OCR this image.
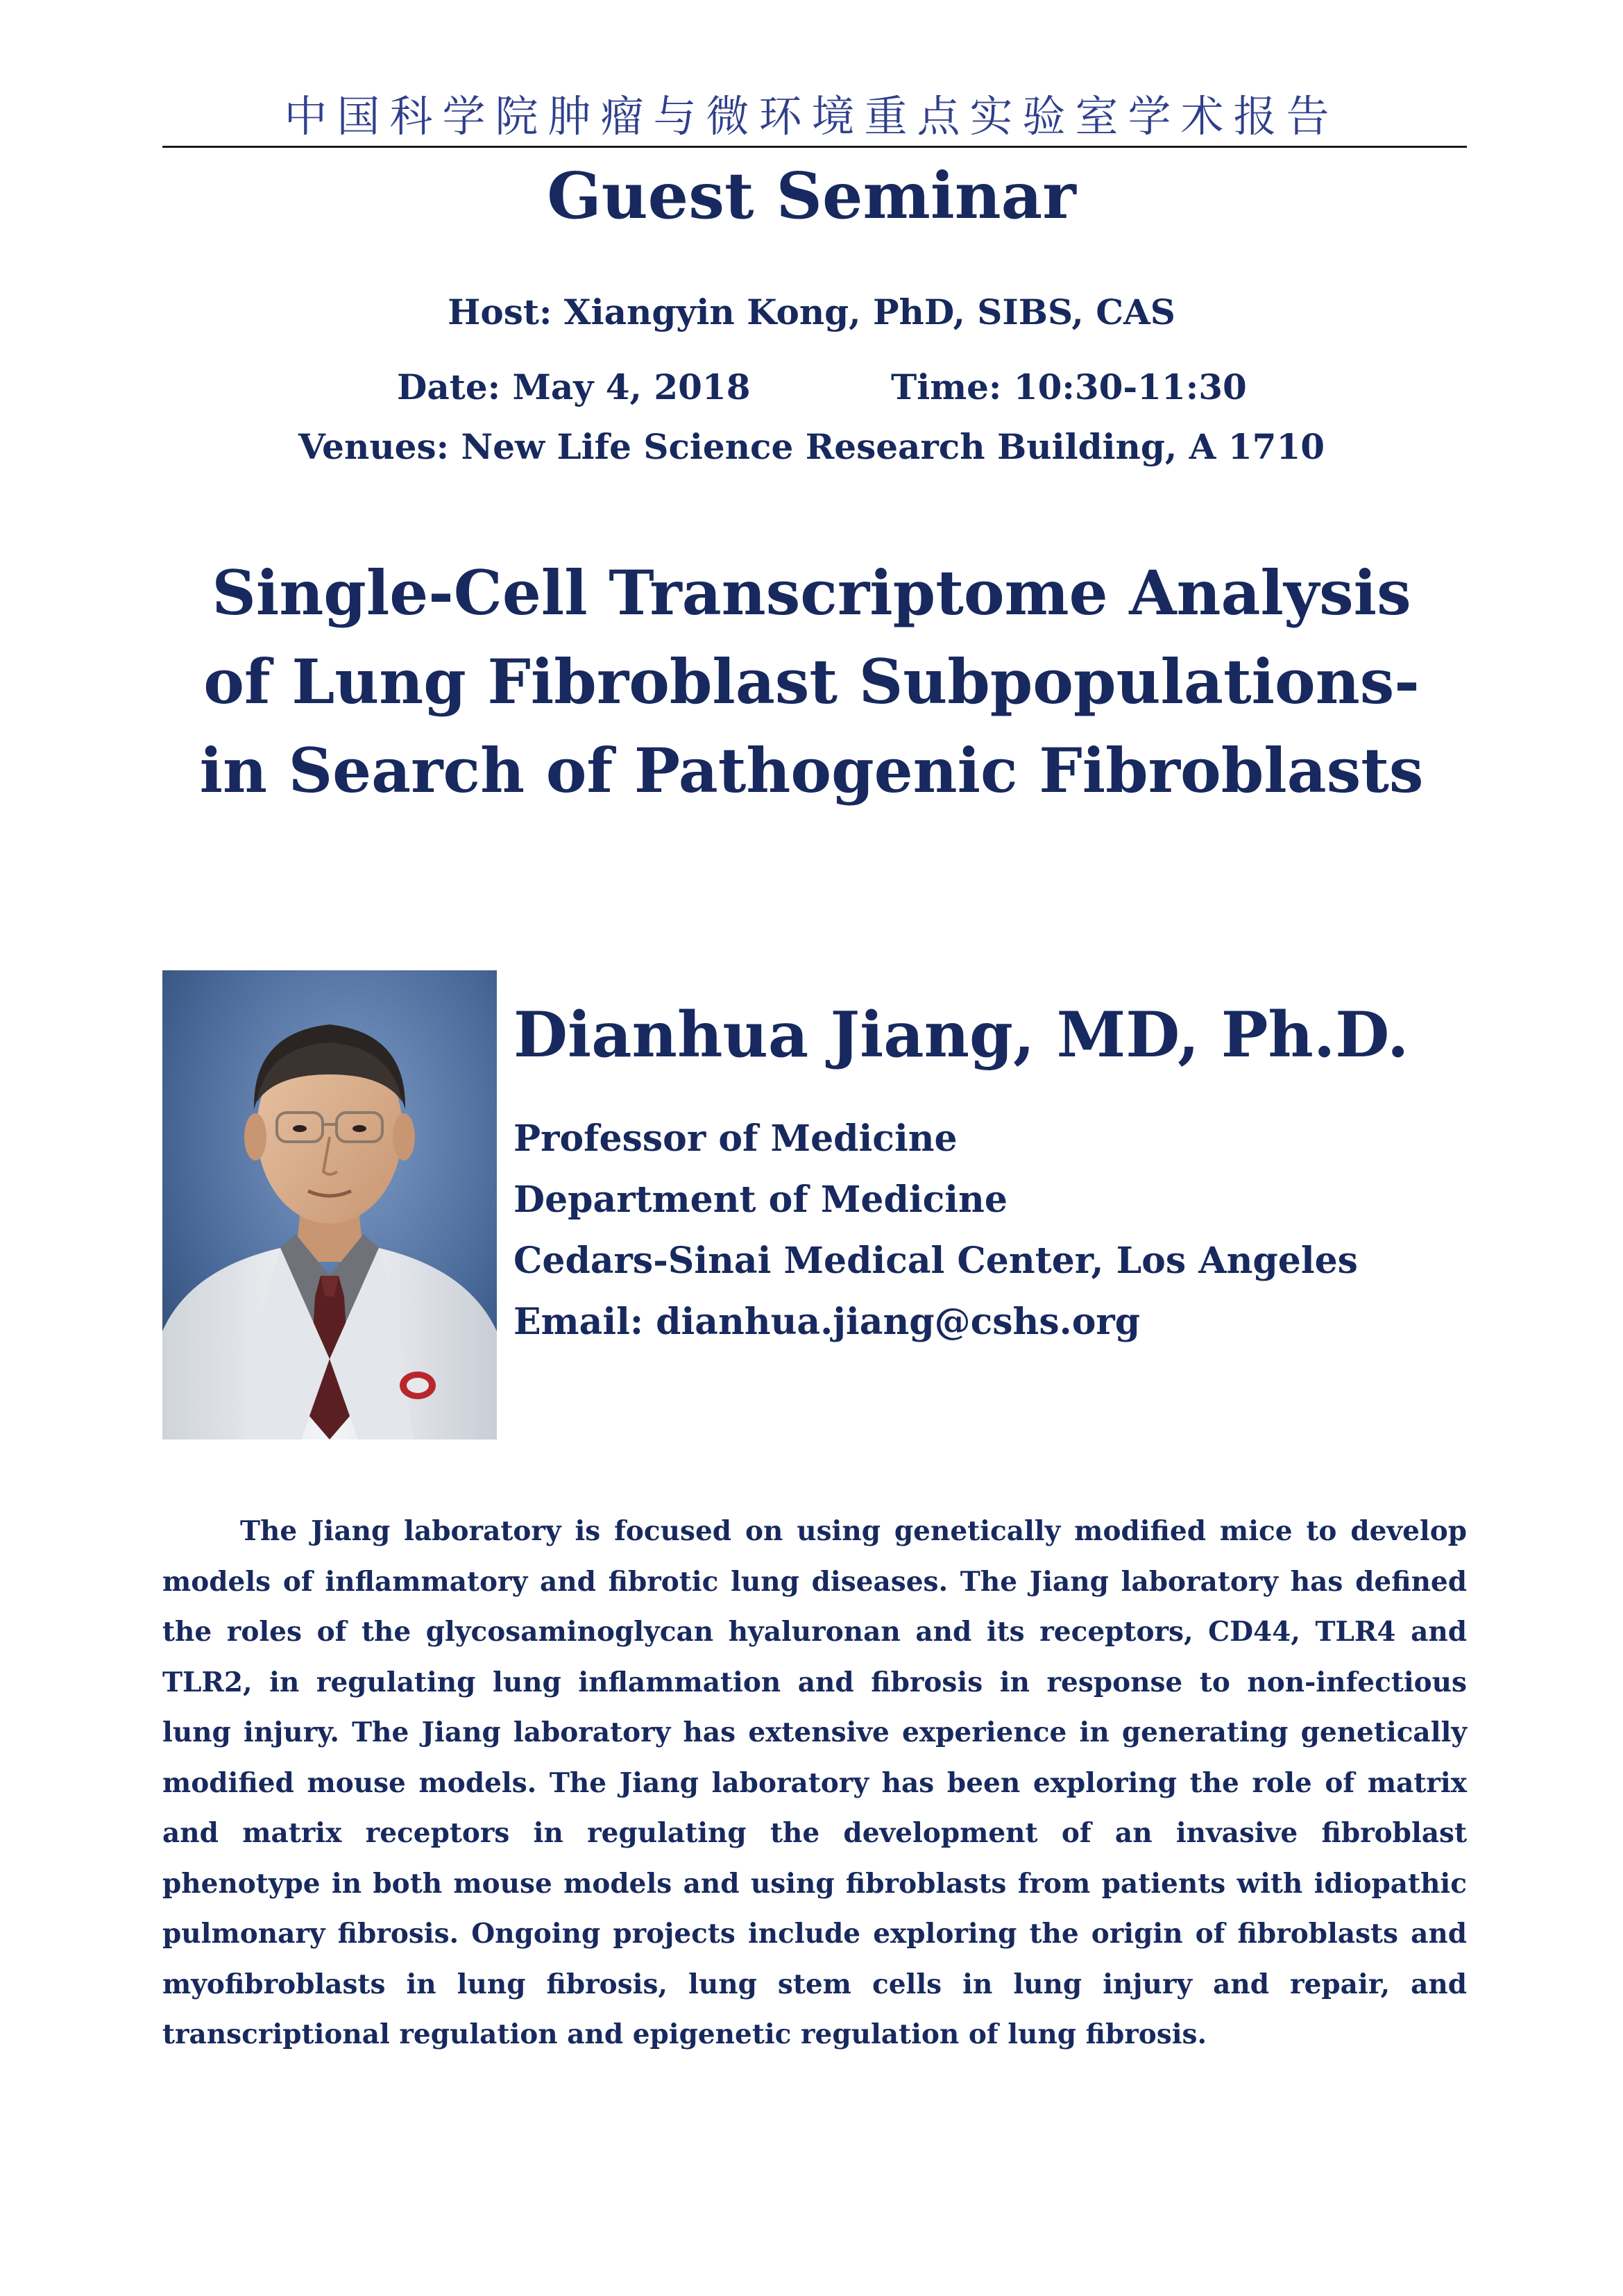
中国科学院肿瘤与微环境重点实验室学术报告
Guest Seminar
Host: Xiangyin Kong, PhD, SIBS, CAS
Date: May 4, 2018	Time: 10:30-11:30
Venues: New Life Science Research Building, A 1710
Single-Cell Transcriptome Analysis
of Lung Fibroblast Subpopulations-
in Search of Pathogenic Fibroblasts
Dianhua Jiang, MD, Ph.D.
Professor of Medicine
Department of Medicine
Cedars-Sinai Medical Center, Los Angeles
Email: dianhua.jiang@cshs.org
The Jiang laboratory is focused on using genetically modified mice to develop models of inflammatory and fibrotic lung diseases. The Jiang laboratory has defined the roles of the glycosaminoglycan hyaluronan and its receptors, CD44, TLR4 and TLR2, in regulating lung inflammation and fibrosis in response to non-infectious lung injury. The Jiang laboratory has extensive experience in generating genetically modified mouse models. The Jiang laboratory has been exploring the role of matrix and matrix receptors in regulating the development of an invasive fibroblast phenotype in both mouse models and using fibroblasts from patients with idiopathic pulmonary fibrosis. Ongoing projects include exploring the origin of fibroblasts and myofibroblasts in lung fibrosis, lung stem cells in lung injury and repair, and transcriptional regulation and epigenetic regulation of lung fibrosis.
